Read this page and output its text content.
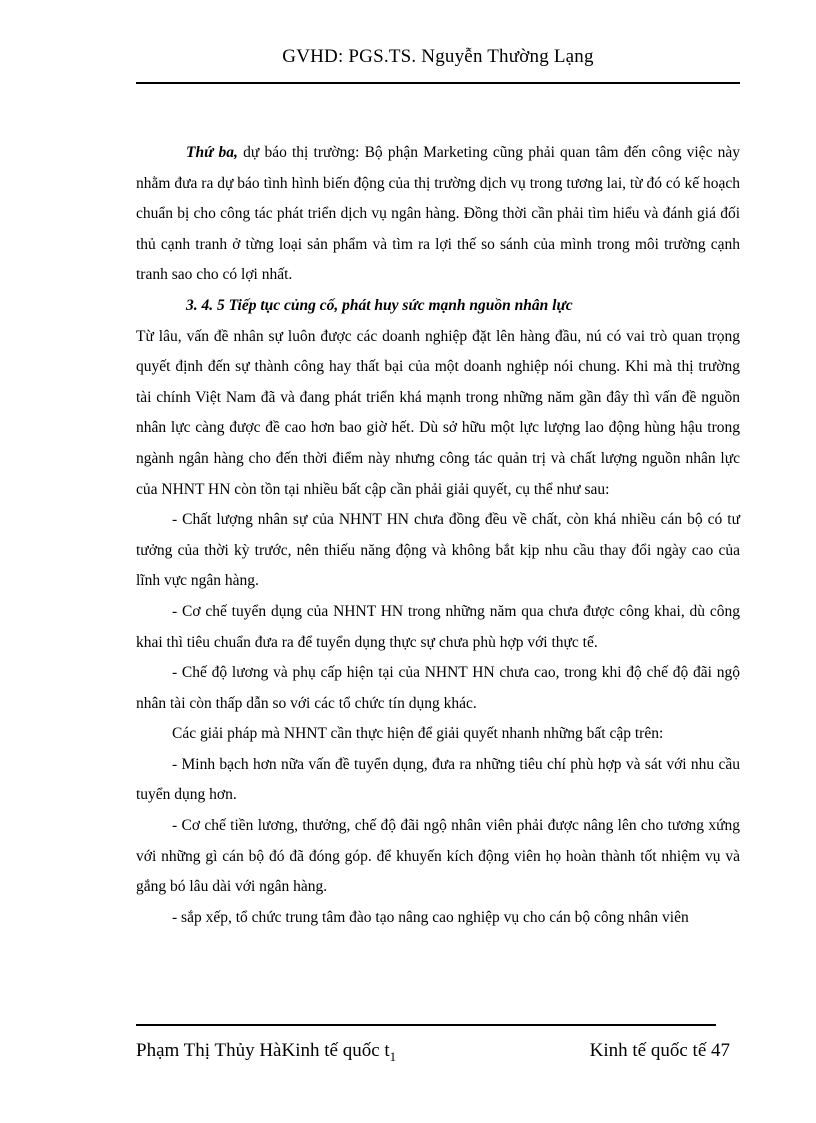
GVHD: PGS.TS. Nguyễn Thường Lạng

Thứ ba, dự báo thị trường: Bộ phận Marketing cũng phải quan tâm đến công việc này nhằm đưa ra dự báo tình hình biến động của thị trường dịch vụ trong tương lai, từ đó có kế hoạch chuẩn bị cho công tác phát triển dịch vụ ngân hàng. Đồng thời cần phải tìm hiểu và đánh giá đối thủ cạnh tranh ở từng loại sản phẩm và tìm ra lợi thế so sánh của mình trong môi trường cạnh tranh sao cho có lợi nhất.

3. 4. 5 Tiếp tục củng cố, phát huy sức mạnh nguồn nhân lực

Từ lâu, vấn đề nhân sự luôn được các doanh nghiệp đặt lên hàng đầu, nú có vai trò quan trọng quyết định đến sự thành công hay thất bại của một doanh nghiệp nói chung. Khi mà thị trường tài chính Việt Nam đã và đang phát triển khá mạnh trong những năm gần đây thì vấn đề nguồn nhân lực càng được đề cao hơn bao giờ hết. Dù sở hữu một lực lượng lao động hùng hậu trong ngành ngân hàng cho đến thời điểm này nhưng công tác quản trị và chất lượng nguồn nhân lực của NHNT HN còn tồn tại nhiều bất cập cần phải giải quyết, cụ thể như sau:

- Chất lượng nhân sự của NHNT HN chưa đồng đều về chất, còn khá nhiều cán bộ có tư tưởng của thời kỳ trước, nên thiếu năng động và không bắt kịp nhu cầu thay đổi ngày cao của lĩnh vực ngân hàng.

- Cơ chế tuyển dụng của NHNT HN trong những năm qua chưa được công khai, dù công khai thì tiêu chuẩn đưa ra để tuyển dụng thực sự chưa phù hợp với thực tế.

- Chế độ lương và phụ cấp hiện tại của NHNT HN chưa cao, trong khi độ chế độ đãi ngộ nhân tài còn thấp dẫn so với các tổ chức tín dụng khác.

Các giải pháp mà NHNT cần thực hiện để giải quyết nhanh những bất cập trên:

- Minh bạch hơn nữa vấn đề tuyển dụng, đưa ra những tiêu chí phù hợp và sát với nhu cầu tuyển dụng hơn.

- Cơ chế tiền lương, thưởng, chế độ đãi ngộ nhân viên phải được nâng lên cho tương xứng với những gì cán bộ đó đã đóng góp. để khuyến kích động viên họ hoàn thành tốt nhiệm vụ và gắng bó lâu dài với ngân hàng.

- sắp xếp, tổ chức trung tâm đào tạo nâng cao nghiệp vụ cho cán bộ công nhân viên

Phạm Thị Thủy HàKinh tế quốc $t_1$	Kinh tế quốc tế 47
